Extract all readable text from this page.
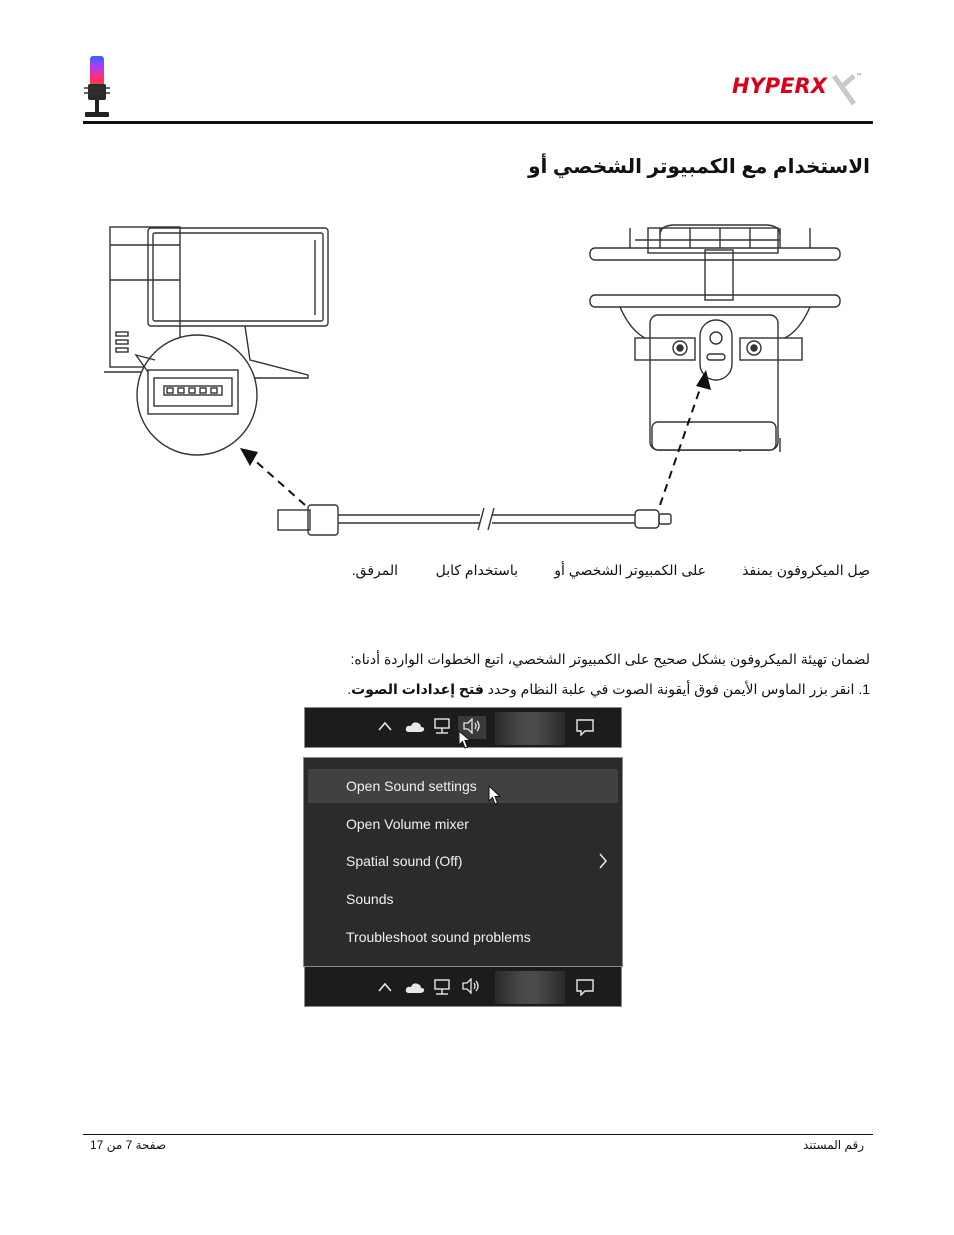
HYPERX	™
الاستخدام مع الكمبيوتر الشخصي أو
صِل الميكروفون بمنفذ
على الكمبيوتر الشخصي أو
باستخدام كابل
المرفق.
لضمان تهيئة الميكروفون بشكل صحيح على الكمبيوتر الشخصي، اتبع الخطوات الواردة أدناه:
1. انقر بزر الماوس الأيمن فوق أيقونة الصوت في علبة النظام وحدد فتح إعدادات الصوت.
Open Sound settings
Open Volume mixer
Spatial sound (Off)
Sounds
Troubleshoot sound problems
صفحة 7 من 17	رقم المستند
